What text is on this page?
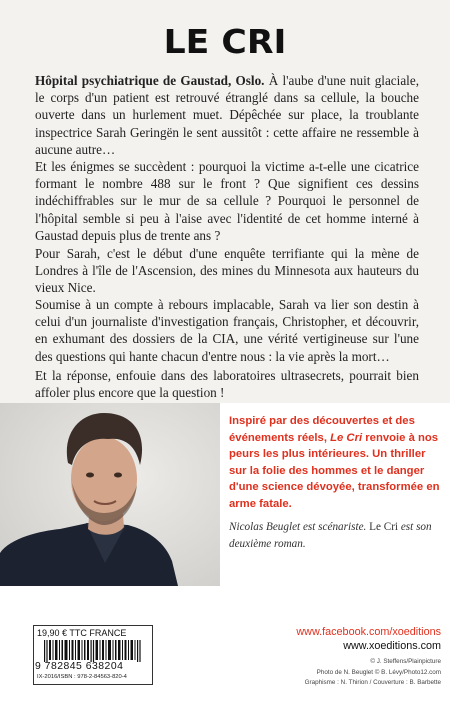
LE CRI

Hôpital psychiatrique de Gaustad, Oslo. À l'aube d'une nuit glaciale, le corps d'un patient est retrouvé étranglé dans sa cellule, la bouche ouverte dans un hurlement muet. Dépêchée sur place, la troublante inspectrice Sarah Geringën le sent aussitôt : cette affaire ne ressemble à aucune autre…

Et les énigmes se succèdent : pourquoi la victime a-t-elle une cicatrice formant le nombre 488 sur le front ? Que signifient ces dessins indéchiffrables sur le mur de sa cellule ? Pourquoi le personnel de l'hôpital semble si peu à l'aise avec l'identité de cet homme interné à Gaustad depuis plus de trente ans ?

Pour Sarah, c'est le début d'une enquête terrifiante qui la mène de Londres à l'île de l'Ascension, des mines du Minnesota aux hauteurs du vieux Nice.

Soumise à un compte à rebours implacable, Sarah va lier son destin à celui d'un journaliste d'investigation français, Christopher, et découvrir, en exhumant des dossiers de la CIA, une vérité vertigineuse sur l'une des questions qui hante chacun d'entre nous : la vie après la mort…

Et la réponse, enfouie dans des laboratoires ultrasecrets, pourrait bien affoler plus encore que la question !

Inspiré par des découvertes et des événements réels, Le Cri renvoie à nos peurs les plus intérieures. Un thriller sur la folie des hommes et le danger d'une science dévoyée, transformée en arme fatale.

Nicolas Beuglet est scénariste. Le Cri est son deuxième roman.

19,90 € TTC FRANCE
9 782845 638204
IX-2016/ISBN : 978-2-84563-820-4
www.facebook.com/xoeditions
www.xoeditions.com
© J. Steffens/Plainpicture
Photo de N. Beuglet © B. Lévy/Photo12.com
Graphisme : N. Thirion / Couverture : B. Barbette
